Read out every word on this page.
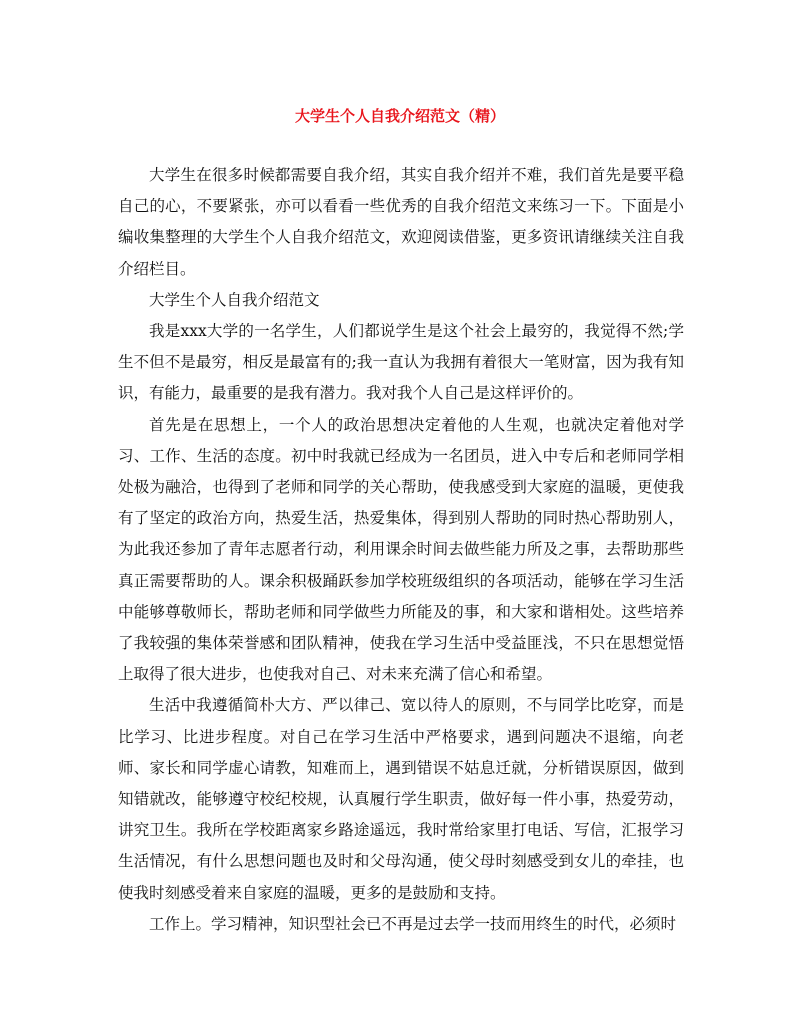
大学生个人自我介绍范文（精）

大学生在很多时候都需要自我介绍，其实自我介绍并不难，我们首先是要平稳自己的心，不要紧张，亦可以看看一些优秀的自我介绍范文来练习一下。下面是小编收集整理的大学生个人自我介绍范文，欢迎阅读借鉴，更多资讯请继续关注自我介绍栏目。

大学生个人自我介绍范文

我是xxx大学的一名学生，人们都说学生是这个社会上最穷的，我觉得不然;学生不但不是最穷，相反是最富有的;我一直认为我拥有着很大一笔财富，因为我有知识，有能力，最重要的是我有潜力。我对我个人自己是这样评价的。

首先是在思想上，一个人的政治思想决定着他的人生观，也就决定着他对学习、工作、生活的态度。初中时我就已经成为一名团员，进入中专后和老师同学相处极为融洽，也得到了老师和同学的关心帮助，使我感受到大家庭的温暖，更使我有了坚定的政治方向，热爱生活，热爱集体，得到别人帮助的同时热心帮助别人，为此我还参加了青年志愿者行动，利用课余时间去做些能力所及之事，去帮助那些真正需要帮助的人。课余积极踊跃参加学校班级组织的各项活动，能够在学习生活中能够尊敬师长，帮助老师和同学做些力所能及的事，和大家和谐相处。这些培养了我较强的集体荣誉感和团队精神，使我在学习生活中受益匪浅，不只在思想觉悟上取得了很大进步，也使我对自己、对未来充满了信心和希望。

生活中我遵循简朴大方、严以律己、宽以待人的原则，不与同学比吃穿，而是比学习、比进步程度。对自己在学习生活中严格要求，遇到问题决不退缩，向老师、家长和同学虚心请教，知难而上，遇到错误不姑息迁就，分析错误原因，做到知错就改，能够遵守校纪校规，认真履行学生职责，做好每一件小事，热爱劳动，讲究卫生。我所在学校距离家乡路途遥远，我时常给家里打电话、写信，汇报学习生活情况，有什么思想问题也及时和父母沟通，使父母时刻感受到女儿的牵挂，也使我时刻感受着来自家庭的温暖，更多的是鼓励和支持。

工作上。学习精神，知识型社会已不再是过去学一技而用终生的时代，必须时
